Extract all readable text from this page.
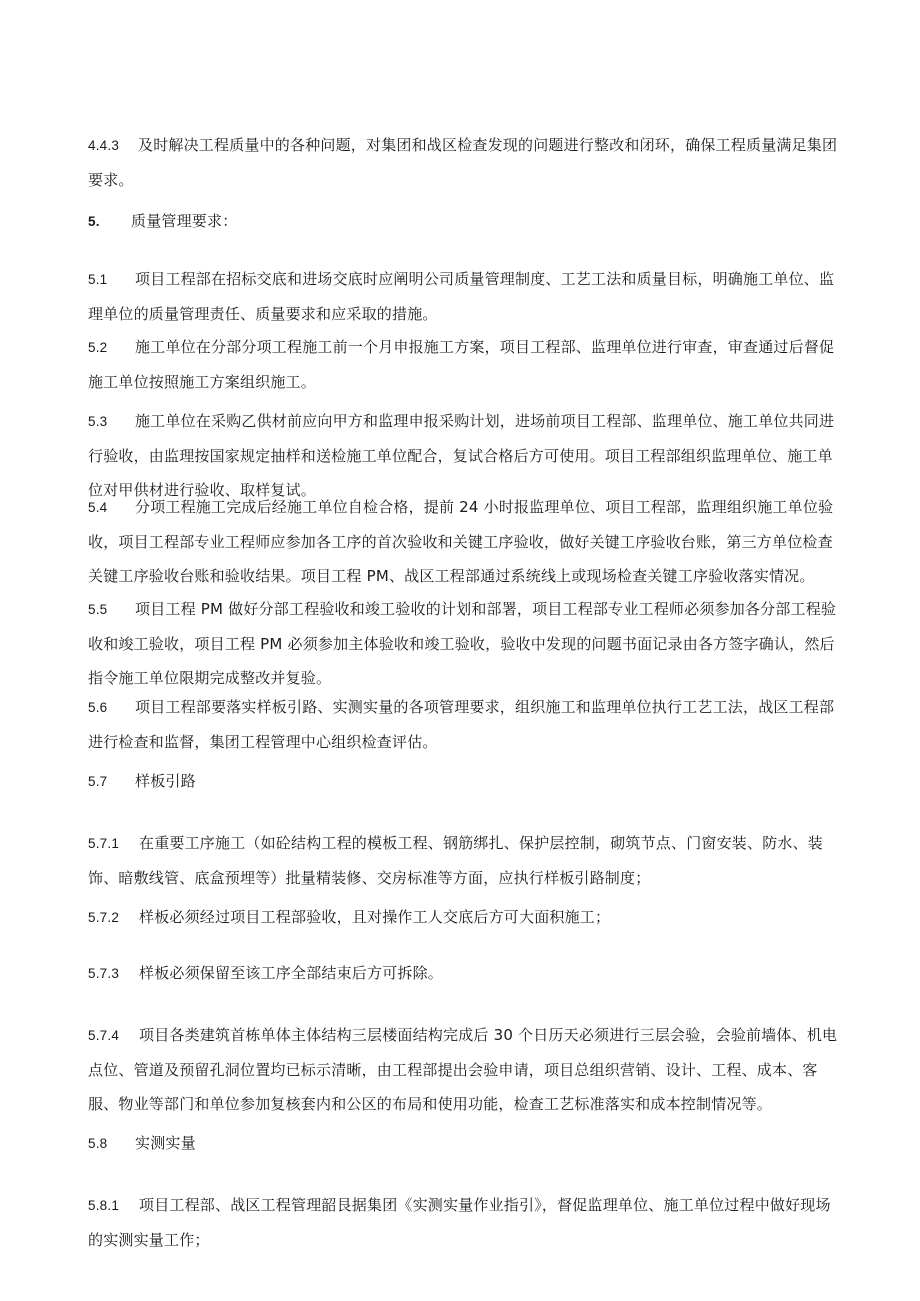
4.4.3 及时解决工程质量中的各种问题，对集团和战区检查发现的问题进行整改和闭环，确保工程质量满足集团要求。
5. 质量管理要求：
5.1 项目工程部在招标交底和进场交底时应阐明公司质量管理制度、工艺工法和质量目标，明确施工单位、监理单位的质量管理责任、质量要求和应采取的措施。
5.2 施工单位在分部分项工程施工前一个月申报施工方案，项目工程部、监理单位进行审查，审查通过后督促施工单位按照施工方案组织施工。
5.3 施工单位在采购乙供材前应向甲方和监理申报采购计划，进场前项目工程部、监理单位、施工单位共同进行验收，由监理按国家规定抽样和送检施工单位配合，复试合格后方可使用。项目工程部组织监理单位、施工单位对甲供材进行验收、取样复试。
5.4 分项工程施工完成后经施工单位自检合格，提前 24 小时报监理单位、项目工程部，监理组织施工单位验收，项目工程部专业工程师应参加各工序的首次验收和关键工序验收，做好关键工序验收台账，第三方单位检查关键工序验收台账和验收结果。项目工程 PM、战区工程部通过系统线上或现场检查关键工序验收落实情况。
5.5 项目工程 PM 做好分部工程验收和竣工验收的计划和部署，项目工程部专业工程师必须参加各分部工程验收和竣工验收，项目工程 PM 必须参加主体验收和竣工验收，验收中发现的问题书面记录由各方签字确认，然后指令施工单位限期完成整改并复验。
5.6 项目工程部要落实样板引路、实测实量的各项管理要求，组织施工和监理单位执行工艺工法，战区工程部进行检查和监督，集团工程管理中心组织检查评估。
5.7 样板引路
5.7.1 在重要工序施工（如砼结构工程的模板工程、钢筋绑扎、保护层控制，砌筑节点、门窗安装、防水、装饰、暗敷线管、底盒预埋等）批量精装修、交房标准等方面，应执行样板引路制度；
5.7.2 样板必须经过项目工程部验收，且对操作工人交底后方可大面积施工；
5.7.3 样板必须保留至该工序全部结束后方可拆除。
5.7.4 项目各类建筑首栋单体主体结构三层楼面结构完成后 30 个日历天必须进行三层会验，会验前墙体、机电点位、管道及预留孔洞位置均已标示清晰，由工程部提出会验申请，项目总组织营销、设计、工程、成本、客服、物业等部门和单位参加复核套内和公区的布局和使用功能，检查工艺标准落实和成本控制情况等。
5.8 实测实量
5.8.1 项目工程部、战区工程管理韶艮据集团《实测实量作业指引》，督促监理单位、施工单位过程中做好现场的实测实量工作；
